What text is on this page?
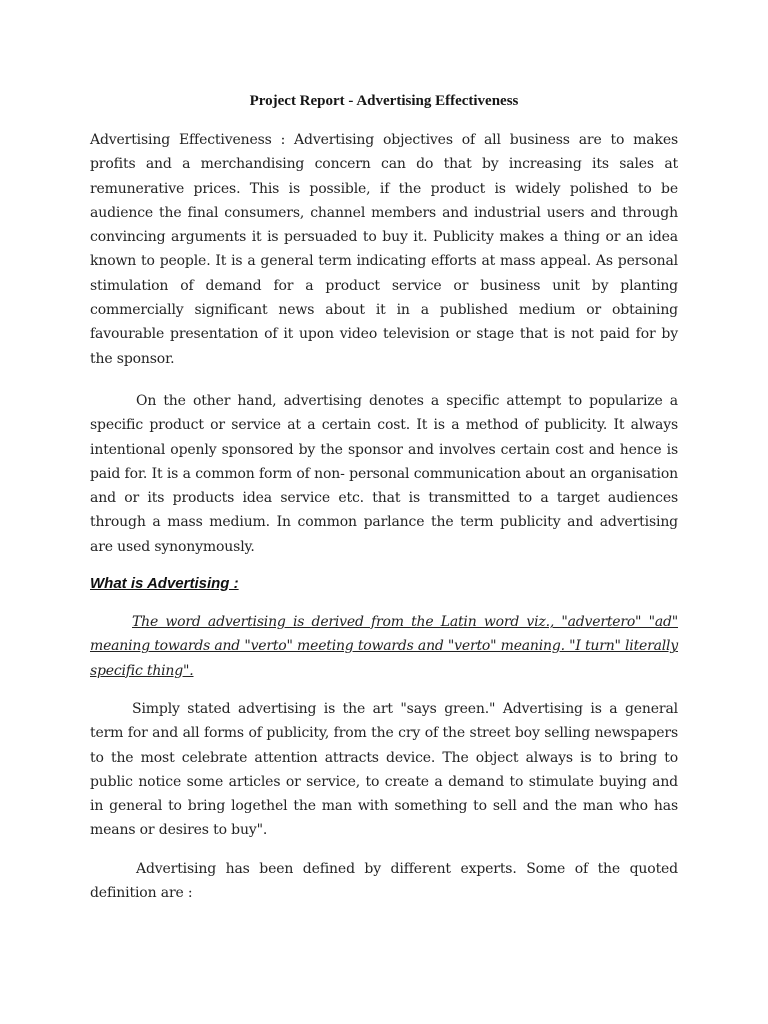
Project Report - Advertising Effectiveness

Advertising Effectiveness : Advertising objectives of all business are to makes profits and a merchandising concern can do that by increasing its sales at remunerative prices. This is possible, if the product is widely polished to be audience the final consumers, channel members and industrial users and through convincing arguments it is persuaded to buy it. Publicity makes a thing or an idea known to people. It is a general term indicating efforts at mass appeal. As personal stimulation of demand for a product service or business unit by planting commercially significant news about it in a published medium or obtaining favourable presentation of it upon video television or stage that is not paid for by the sponsor.

On the other hand, advertising denotes a specific attempt to popularize a specific product or service at a certain cost. It is a method of publicity. It always intentional openly sponsored by the sponsor and involves certain cost and hence is paid for. It is a common form of non- personal communication about an organisation and or its products idea service etc. that is transmitted to a target audiences through a mass medium. In common parlance the term publicity and advertising are used synonymously.

What is Advertising :

The word advertising is derived from the Latin word viz., "advertero" "ad" meaning towards and "verto" meeting towards and "verto" meaning. "I turn" literally specific thing".

Simply stated advertising is the art "says green." Advertising is a general term for and all forms of publicity, from the cry of the street boy selling newspapers to the most celebrate attention attracts device. The object always is to bring to public notice some articles or service, to create a demand to stimulate buying and in general to bring logethel the man with something to sell and the man who has means or desires to buy".

Advertising has been defined by different experts. Some of the quoted definition are :
